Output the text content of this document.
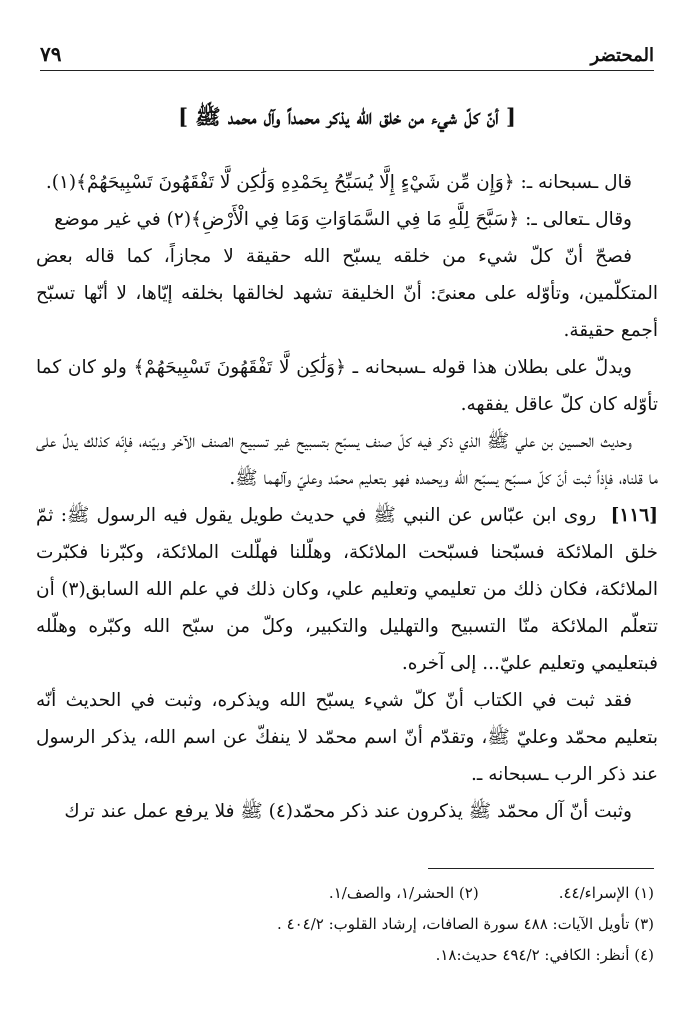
المحتضر
٧٩
[ أنّ كلّ شيء من خلق الله يذكر محمداً وآل محمد ﷺ ]

قال ـسبحانه ـ: ﴿وَإِن مِّن شَيْءٍ إِلَّا يُسَبِّحُ بِحَمْدِهِ وَلَٰكِن لَّا تَفْقَهُونَ تَسْبِيحَهُمْ﴾(١).

وقال ـتعالى ـ: ﴿سَبَّحَ لِلَّهِ مَا فِي السَّمَاوَاتِ وَمَا فِي الْأَرْضِ﴾(٢) في غير موضع

فصحّ أنّ كلّ شيء من خلقه يسبّح الله حقيقة لا مجازاً، كما قاله بعض المتكلّمين، وتأوّله على معنىً: أنّ الخليقة تشهد لخالقها بخلقه إيّاها، لا أنّها تسبّح أجمع حقيقة.

ويدلّ على بطلان هذا قوله ـسبحانه ـ ﴿وَلَٰكِن لَّا تَفْقَهُونَ تَسْبِيحَهُمْ﴾ ولو كان كما تأوّله كان كلّ عاقل يفقهه.

وحديث الحسين بن علي ﷺ الذي ذكر فيه كلّ صنف يسبّح بتسبيح غير تسبيح الصنف الآخر وبيّنه، فإنّه كذلك يدلّ على ما قلناه، فإذاً ثبت أنّ كلّ مسبّح يسبّح الله ويحمده فهو بتعليم محمّد وعليّ وآلهما ﷺ.

[١١٦]  روى ابن عبّاس عن النبي ﷺ في حديث طويل يقول فيه الرسول ﷺ: ثمّ خلق الملائكة فسبّحنا فسبّحت الملائكة، وهلّلنا فهلّلت الملائكة، وكبّرنا فكبّرت الملائكة، فكان ذلك من تعليمي وتعليم علي، وكان ذلك في علم الله السابق(٣) أن تتعلّم الملائكة منّا التسبيح والتهليل والتكبير، وكلّ من سبّح الله وكبّره وهلّله فبتعليمي وتعليم عليّ... إلى آخره.

فقد ثبت في الكتاب أنّ كلّ شيء يسبّح الله ويذكره، وثبت في الحديث أنّه بتعليم محمّد وعليّ ﷺ، وتقدّم أنّ اسم محمّد لا ينفكّ عن اسم الله، يذكر الرسول عند ذكر الرب ـسبحانه ـ.

وثبت أنّ آل محمّد ﷺ يذكرون عند ذكر محمّد(٤) ﷺ فلا يرفع عمل عند ترك

(١) الإسراء/٤٤.
(٢) الحشر/١، والصف/١.
(٣) تأويل الآيات: ٤٨٨ سورة الصافات، إرشاد القلوب: ٤٠٤/٢ .
(٤) أنظر: الكافي: ٤٩٤/٢ حديث:١٨.
